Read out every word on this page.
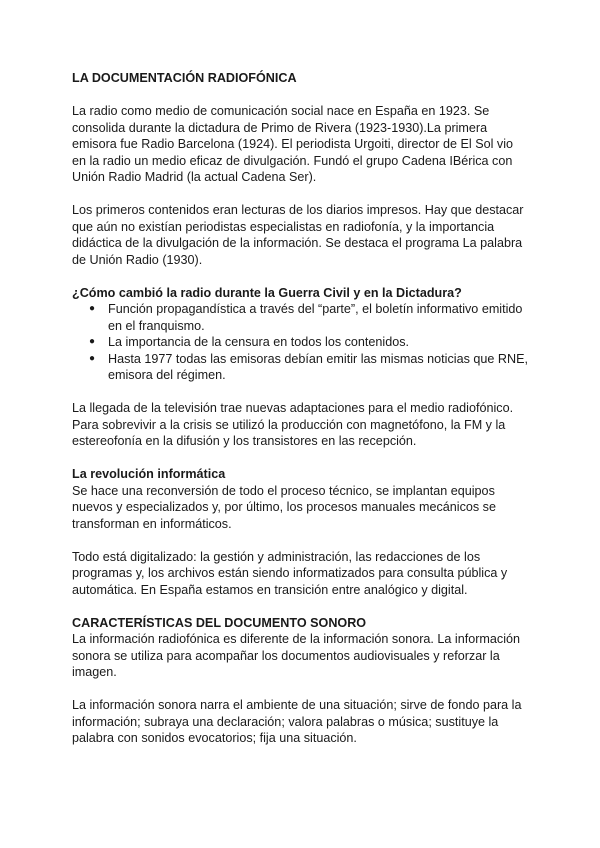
LA DOCUMENTACIÓN RADIOFÓNICA

La radio como medio de comunicación social nace en España en 1923. Se consolida durante la dictadura de Primo de Rivera (1923-1930).La primera emisora fue Radio Barcelona (1924). El periodista Urgoiti, director de El Sol vio en la radio un medio eficaz de divulgación. Fundó el grupo Cadena IBérica con Unión Radio Madrid (la actual Cadena Ser).

Los primeros contenidos eran lecturas de los diarios impresos. Hay que destacar que aún no existían periodistas especialistas en radiofonía, y la importancia didáctica de la divulgación de la información. Se destaca el programa La palabra de Unión Radio (1930).

¿Cómo cambió la radio durante la Guerra Civil y en la Dictadura?
● Función propagandística a través del “parte”, el boletín informativo emitido en el franquismo.
● La importancia de la censura en todos los contenidos.
● Hasta 1977 todas las emisoras debían emitir las mismas noticias que RNE, emisora del régimen.

La llegada de la televisión trae nuevas adaptaciones para el medio radiofónico. Para sobrevivir a la crisis se utilizó la producción con magnetófono, la FM y la estereofonía en la difusión y los transistores en las recepción.

La revolución informática

Se hace una reconversión de todo el proceso técnico, se implantan equipos nuevos y especializados y, por último, los procesos manuales mecánicos se transforman en informáticos.

Todo está digitalizado: la gestión y administración, las redacciones de los programas y, los archivos están siendo informatizados para consulta pública y automática. En España estamos en transición entre analógico y digital.

CARACTERÍSTICAS DEL DOCUMENTO SONORO

La información radiofónica es diferente de la información sonora. La información sonora se utiliza para acompañar los documentos audiovisuales y reforzar la imagen.

La información sonora narra el ambiente de una situación; sirve de fondo para la información; subraya una declaración; valora palabras o música; sustituye la palabra con sonidos evocatorios; fija una situación.
